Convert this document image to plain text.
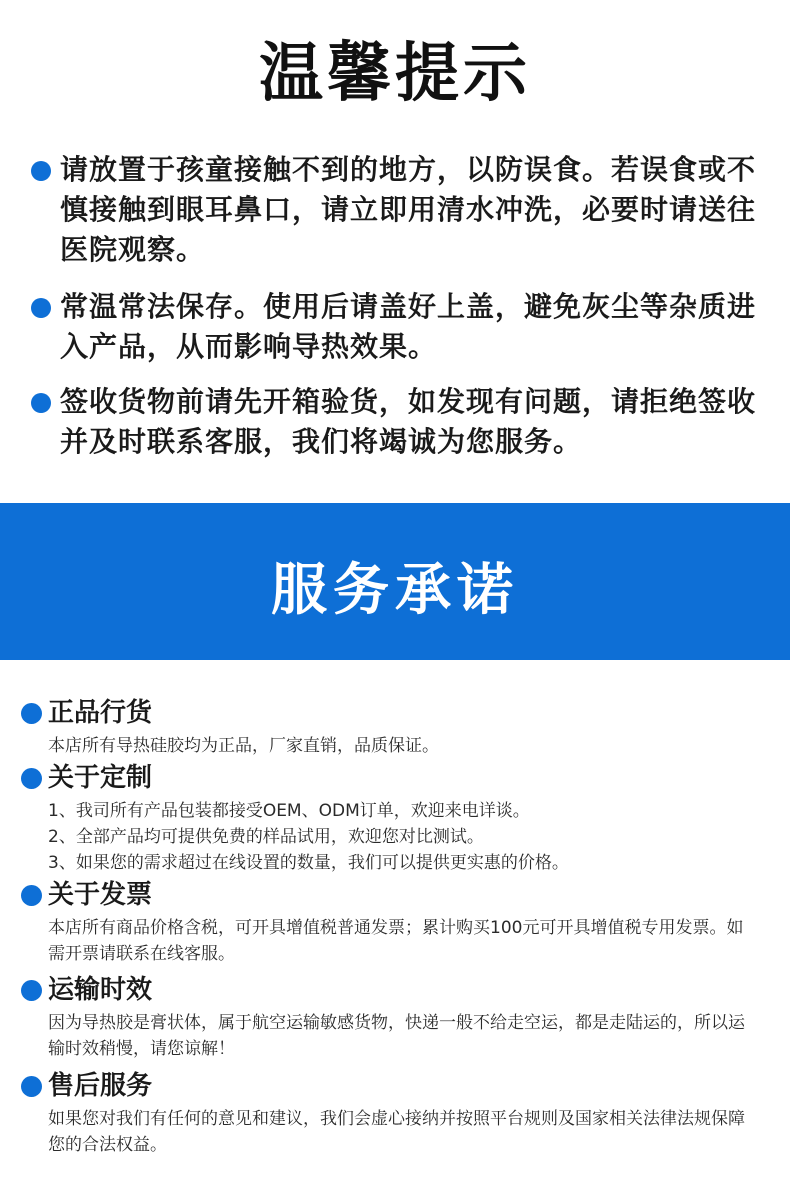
温馨提示
请放置于孩童接触不到的地方，以防误食。若误食或不慎接触到眼耳鼻口，请立即用清水冲洗，必要时请送往医院观察。
常温常法保存。使用后请盖好上盖，避免灰尘等杂质进入产品，从而影响导热效果。
签收货物前请先开箱验货，如发现有问题，请拒绝签收并及时联系客服，我们将竭诚为您服务。
服务承诺
正品行货

本店所有导热硅胶均为正品，厂家直销，品质保证。

关于定制

1、我司所有产品包装都接受OEM、ODM订单，欢迎来电详谈。

2、全部产品均可提供免费的样品试用，欢迎您对比测试。

3、如果您的需求超过在线设置的数量，我们可以提供更实惠的价格。

关于发票

本店所有商品价格含税，可开具增值税普通发票；累计购买100元可开具增值税专用发票。如需开票请联系在线客服。

运输时效

因为导热胶是膏状体，属于航空运输敏感货物，快递一般不给走空运，都是走陆运的，所以运输时效稍慢，请您谅解！

售后服务

如果您对我们有任何的意见和建议，我们会虚心接纳并按照平台规则及国家相关法律法规保障您的合法权益。
